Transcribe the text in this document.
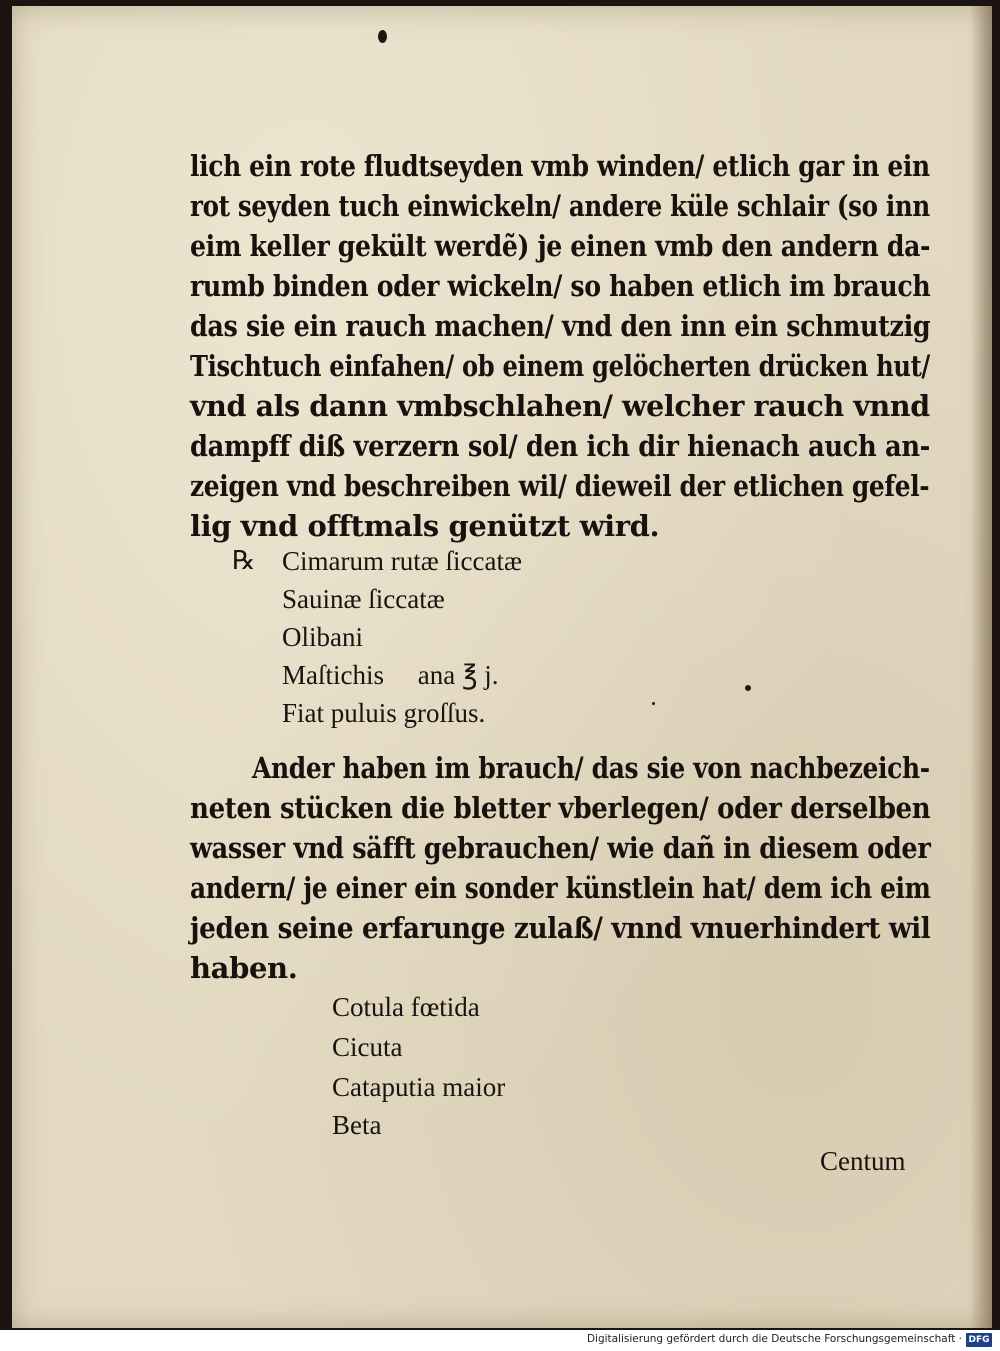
lich ein rote fludtseyden vmb winden/ etlich gar in ein
rot seyden tuch einwickeln/ andere küle schlair (so inn
eim keller gekült werdẽ) je einen vmb den andern da-
rumb binden oder wickeln/ so haben etlich im brauch
das sie ein rauch machen/ vnd den inn ein schmutzig
Tischtuch einfahen/ ob einem gelöcherten drücken hut/
vnd als dann vmbschlahen/ welcher rauch vnnd
dampff diß verzern sol/ den ich dir hienach auch an-
zeigen vnd beschreiben wil/ dieweil der etlichen gefel-
lig vnd offtmals genützt wird.
℞ Cimarum rutæ ſiccatæ
Sauinæ ſiccatæ
Olibani
Maſtichis     ana ℥ j.
Fiat puluis groſſus.
Ander haben im brauch/ das sie von nachbezeich-
neten stücken die bletter vberlegen/ oder derselben
wasser vnd säfft gebrauchen/ wie dañ in diesem oder
andern/ je einer ein sonder künstlein hat/ dem ich eim
jeden seine erfarunge zulaß/ vnnd vnuerhindert wil
haben.
Cotula fœtida
Cicuta
Cataputia maior
Beta
Centum
Digitalisierung gefördert durch die Deutsche Forschungsgemeinschaft · DFG
